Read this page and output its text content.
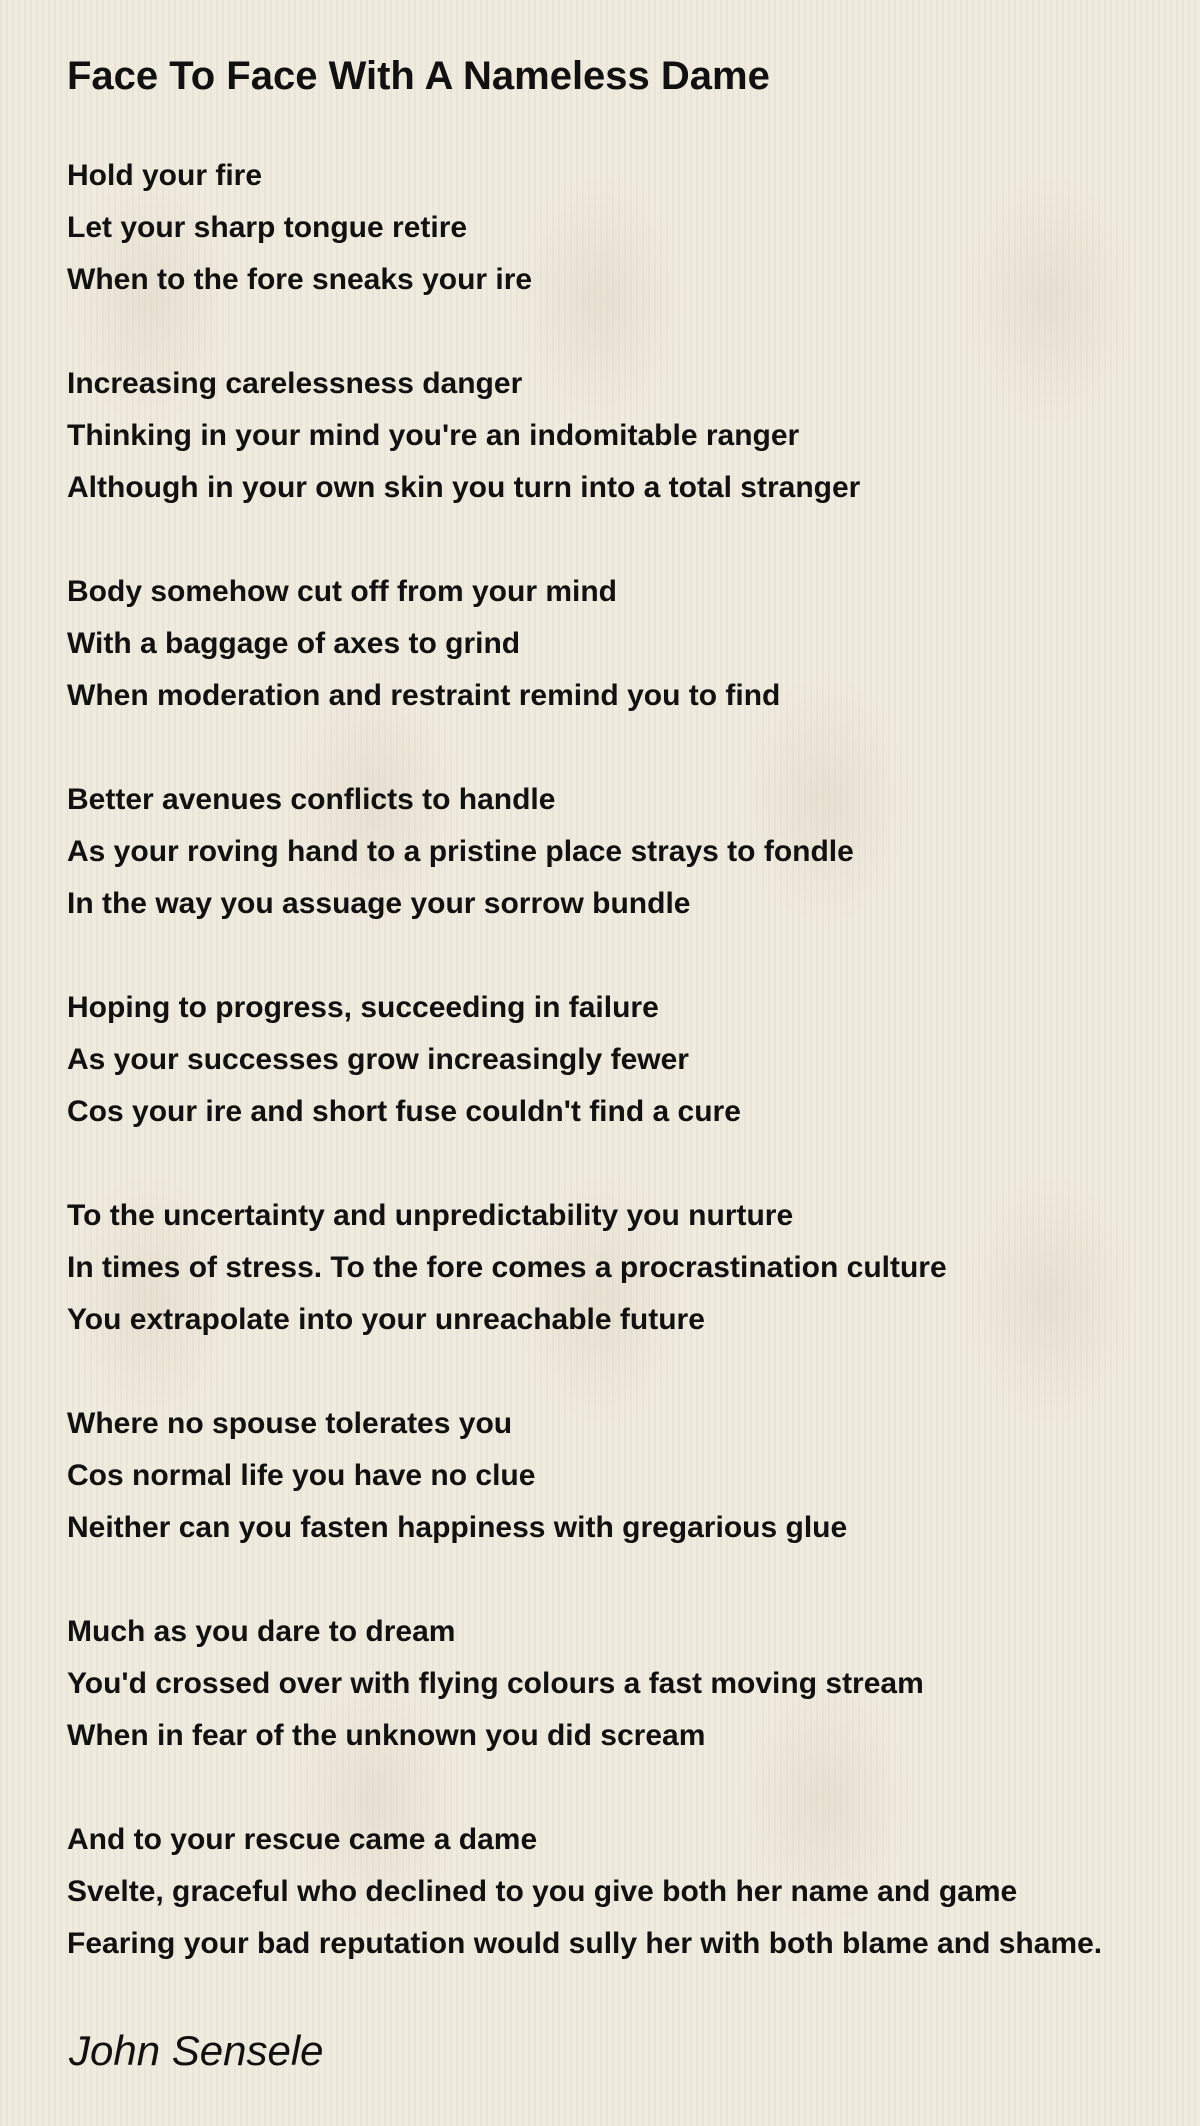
Face To Face With A Nameless Dame
Hold your fire
Let your sharp tongue retire
When to the fore sneaks your ire
Increasing carelessness danger
Thinking in your mind you're an indomitable ranger
Although in your own skin you turn into a total stranger
Body somehow cut off from your mind
With a baggage of axes to grind
When moderation and restraint remind you to find
Better avenues conflicts to handle
As your roving hand to a pristine place strays to fondle
In the way you assuage your sorrow bundle
Hoping to progress, succeeding in failure
As your successes grow increasingly fewer
Cos your ire and short fuse couldn't find a cure
To the uncertainty and unpredictability you nurture
In times of stress. To the fore comes a procrastination culture
You extrapolate into your unreachable future
Where no spouse tolerates you
Cos normal life you have no clue
Neither can you fasten happiness with gregarious glue
Much as you dare to dream
You'd crossed over with flying colours a fast moving stream
When in fear of the unknown you did scream
And to your rescue came a dame
Svelte, graceful who declined to you give both her name and game
Fearing your bad reputation would sully her with both blame and shame.
John Sensele
